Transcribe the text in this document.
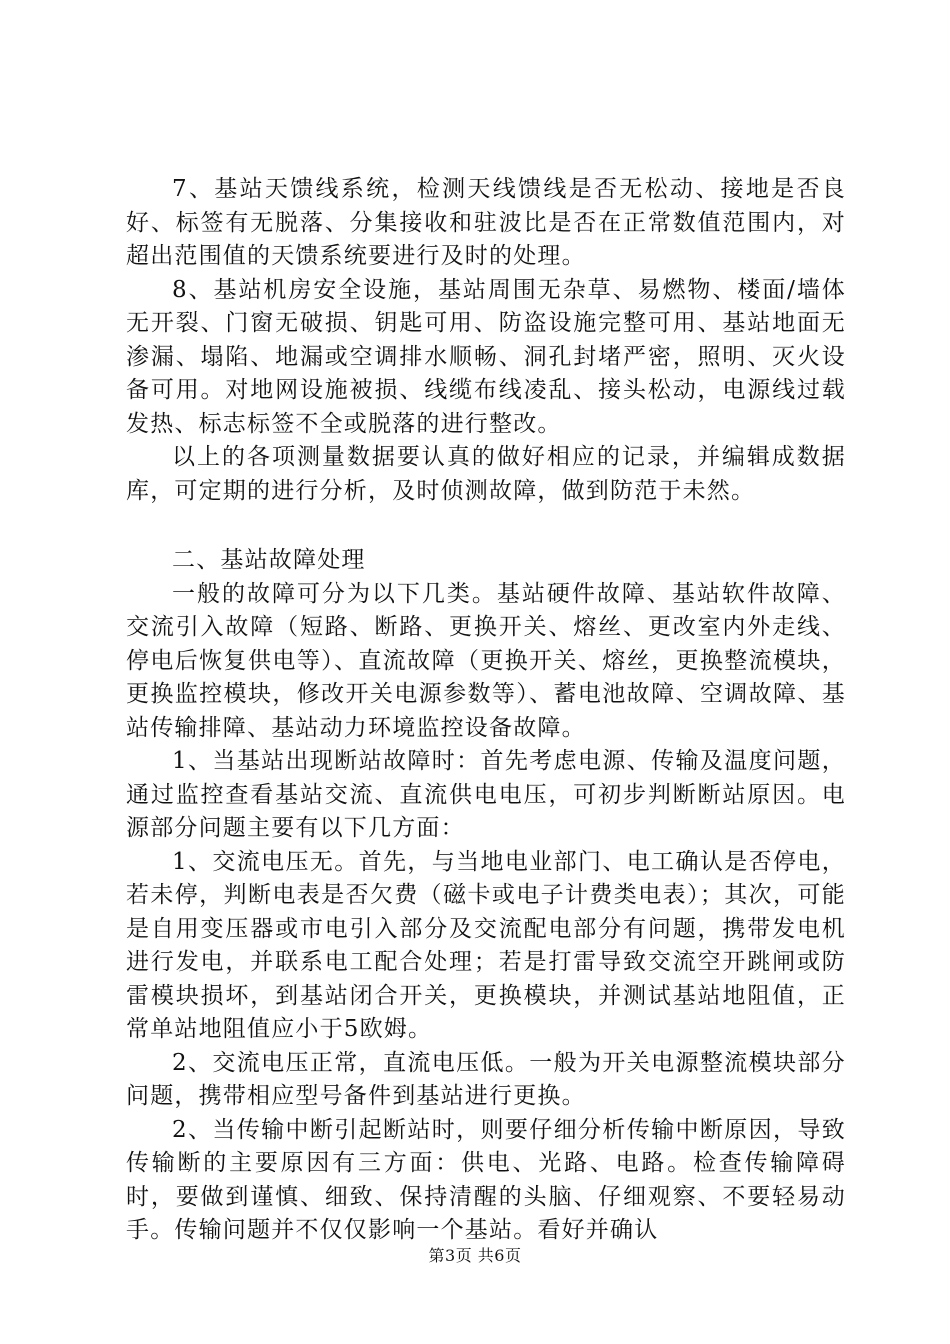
7、基站天馈线系统，检测天线馈线是否无松动、接地是否良好、标签有无脱落、分集接收和驻波比是否在正常数值范围内，对超出范围值的天馈系统要进行及时的处理。

8、基站机房安全设施，基站周围无杂草、易燃物、楼面/墙体无开裂、门窗无破损、钥匙可用、防盗设施完整可用、基站地面无渗漏、塌陷、地漏或空调排水顺畅、洞孔封堵严密，照明、灭火设备可用。对地网设施被损、线缆布线凌乱、接头松动，电源线过载发热、标志标签不全或脱落的进行整改。

以上的各项测量数据要认真的做好相应的记录，并编辑成数据库，可定期的进行分析，及时侦测故障，做到防范于未然。

二、基站故障处理

一般的故障可分为以下几类。基站硬件故障、基站软件故障、交流引入故障（短路、断路、更换开关、熔丝、更改室内外走线、停电后恢复供电等）、直流故障（更换开关、熔丝，更换整流模块，更换监控模块，修改开关电源参数等）、蓄电池故障、空调故障、基站传输排障、基站动力环境监控设备故障。

1、当基站出现断站故障时：首先考虑电源、传输及温度问题，通过监控查看基站交流、直流供电电压，可初步判断断站原因。电源部分问题主要有以下几方面：

1、交流电压无。首先，与当地电业部门、电工确认是否停电，若未停，判断电表是否欠费（磁卡或电子计费类电表）；其次，可能是自用变压器或市电引入部分及交流配电部分有问题，携带发电机进行发电，并联系电工配合处理；若是打雷导致交流空开跳闸或防雷模块损坏，到基站闭合开关，更换模块，并测试基站地阻值，正常单站地阻值应小于5欧姆。

2、交流电压正常，直流电压低。一般为开关电源整流模块部分问题，携带相应型号备件到基站进行更换。

2、当传输中断引起断站时，则要仔细分析传输中断原因，导致传输断的主要原因有三方面：供电、光路、电路。检查传输障碍时，要做到谨慎、细致、保持清醒的头脑、仔细观察、不要轻易动手。传输问题并不仅仅影响一个基站。看好并确认

第3页 共6页
